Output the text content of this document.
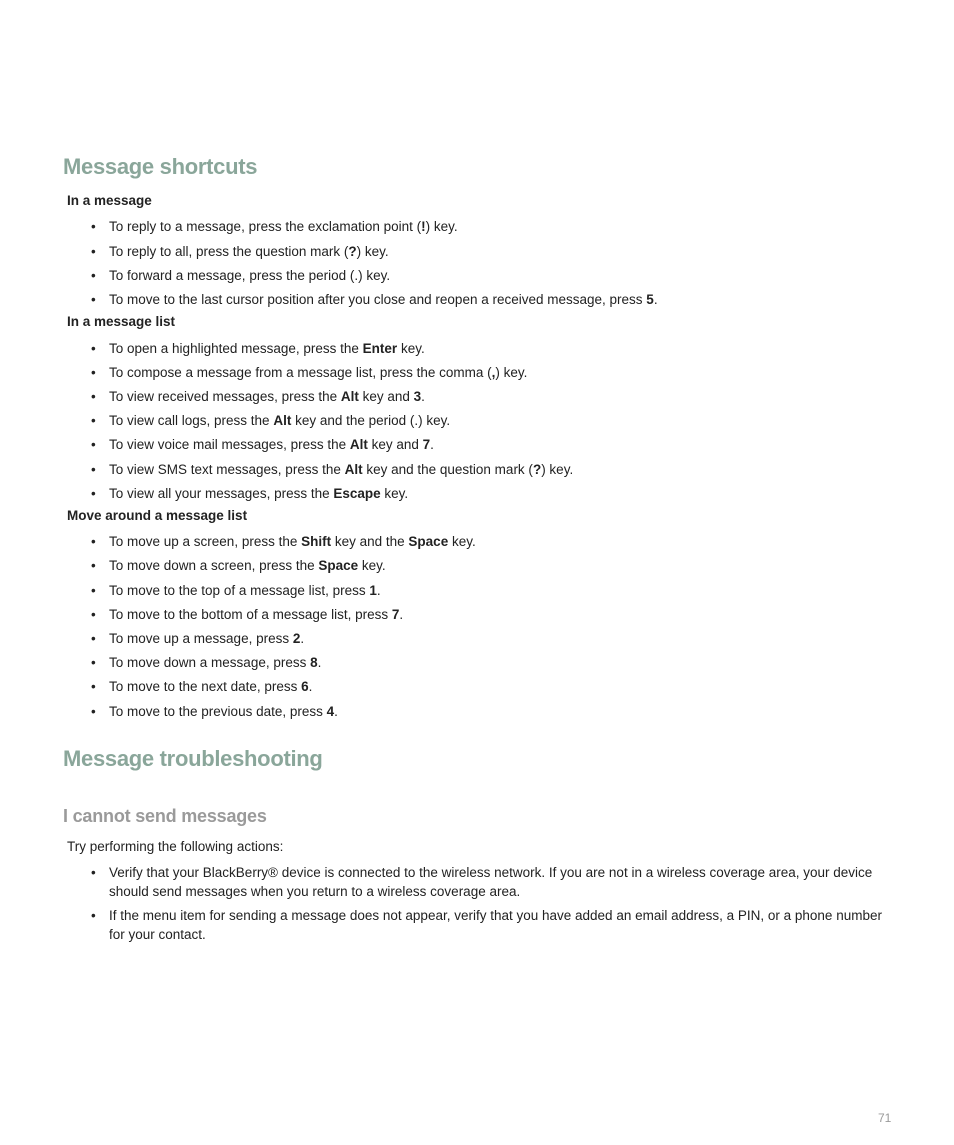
Message shortcuts
In a message
• To reply to a message, press the exclamation point (!) key.
• To reply to all, press the question mark (?) key.
• To forward a message, press the period (.) key.
• To move to the last cursor position after you close and reopen a received message, press 5.
In a message list
• To open a highlighted message, press the Enter key.
• To compose a message from a message list, press the comma (,) key.
• To view received messages, press the Alt key and 3.
• To view call logs, press the Alt key and the period (.) key.
• To view voice mail messages, press the Alt key and 7.
• To view SMS text messages, press the Alt key and the question mark (?) key.
• To view all your messages, press the Escape key.
Move around a message list
• To move up a screen, press the Shift key and the Space key.
• To move down a screen, press the Space key.
• To move to the top of a message list, press 1.
• To move to the bottom of a message list, press 7.
• To move up a message, press 2.
• To move down a message, press 8.
• To move to the next date, press 6.
• To move to the previous date, press 4.
Message troubleshooting
I cannot send messages

Try performing the following actions:

• Verify that your BlackBerry® device is connected to the wireless network. If you are not in a wireless coverage area, your device should send messages when you return to a wireless coverage area.
• If the menu item for sending a message does not appear, verify that you have added an email address, a PIN, or a phone number for your contact.
71
